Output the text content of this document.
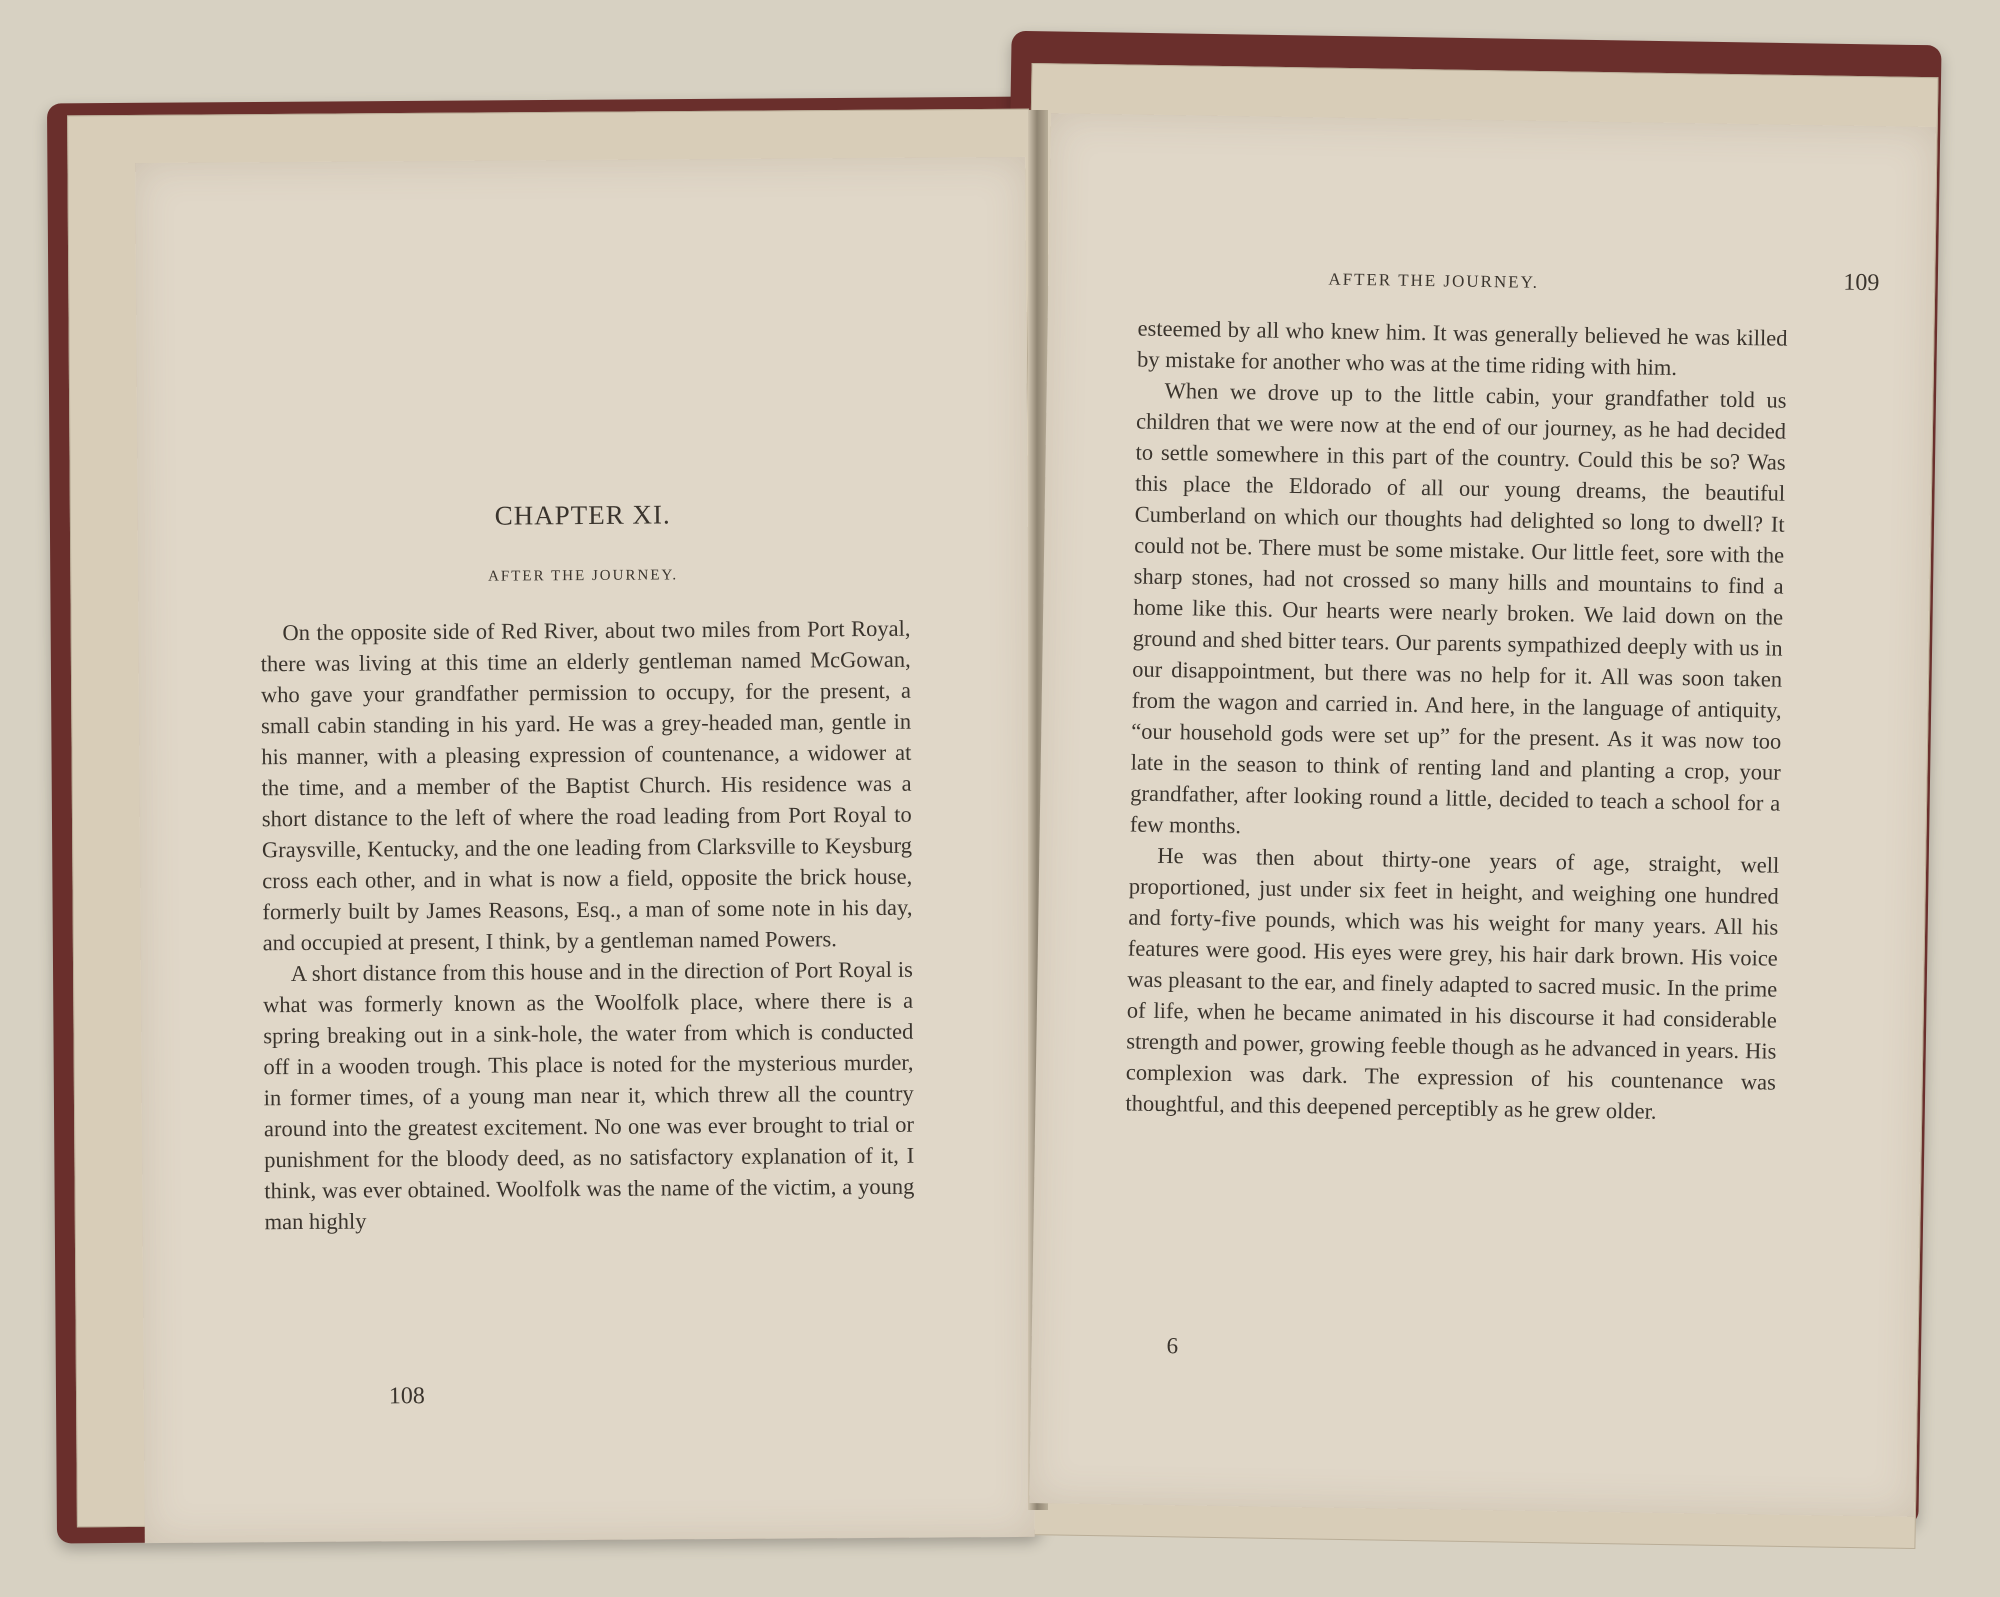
CHAPTER XI.
AFTER THE JOURNEY.

On the opposite side of Red River, about two miles from Port Royal, there was living at this time an elderly gentleman named McGowan, who gave your grandfather permission to occupy, for the present, a small cabin standing in his yard. He was a grey-headed man, gentle in his manner, with a pleasing expression of countenance, a widower at the time, and a member of the Baptist Church. His residence was a short distance to the left of where the road leading from Port Royal to Graysville, Kentucky, and the one leading from Clarksville to Keysburg cross each other, and in what is now a field, opposite the brick house, formerly built by James Reasons, Esq., a man of some note in his day, and occupied at present, I think, by a gentleman named Powers.

A short distance from this house and in the direction of Port Royal is what was formerly known as the Woolfolk place, where there is a spring breaking out in a sink-hole, the water from which is conducted off in a wooden trough. This place is noted for the mysterious murder, in former times, of a young man near it, which threw all the country around into the greatest excitement. No one was ever brought to trial or punishment for the bloody deed, as no satisfactory explanation of it, I think, was ever obtained. Woolfolk was the name of the victim, a young man highly

108
AFTER THE JOURNEY.	109

esteemed by all who knew him. It was generally believed he was killed by mistake for another who was at the time riding with him.

When we drove up to the little cabin, your grandfather told us children that we were now at the end of our journey, as he had decided to settle somewhere in this part of the country. Could this be so? Was this place the Eldorado of all our young dreams, the beautiful Cumberland on which our thoughts had delighted so long to dwell? It could not be. There must be some mistake. Our little feet, sore with the sharp stones, had not crossed so many hills and mountains to find a home like this. Our hearts were nearly broken. We laid down on the ground and shed bitter tears. Our parents sympathized deeply with us in our disappointment, but there was no help for it. All was soon taken from the wagon and carried in. And here, in the language of antiquity, “our household gods were set up” for the present. As it was now too late in the season to think of renting land and planting a crop, your grandfather, after looking round a little, decided to teach a school for a few months.

He was then about thirty-one years of age, straight, well proportioned, just under six feet in height, and weighing one hundred and forty-five pounds, which was his weight for many years. All his features were good. His eyes were grey, his hair dark brown. His voice was pleasant to the ear, and finely adapted to sacred music. In the prime of life, when he became animated in his discourse it had considerable strength and power, growing feeble though as he advanced in years. His complexion was dark. The expression of his countenance was thoughtful, and this deepened perceptibly as he grew older.

6
